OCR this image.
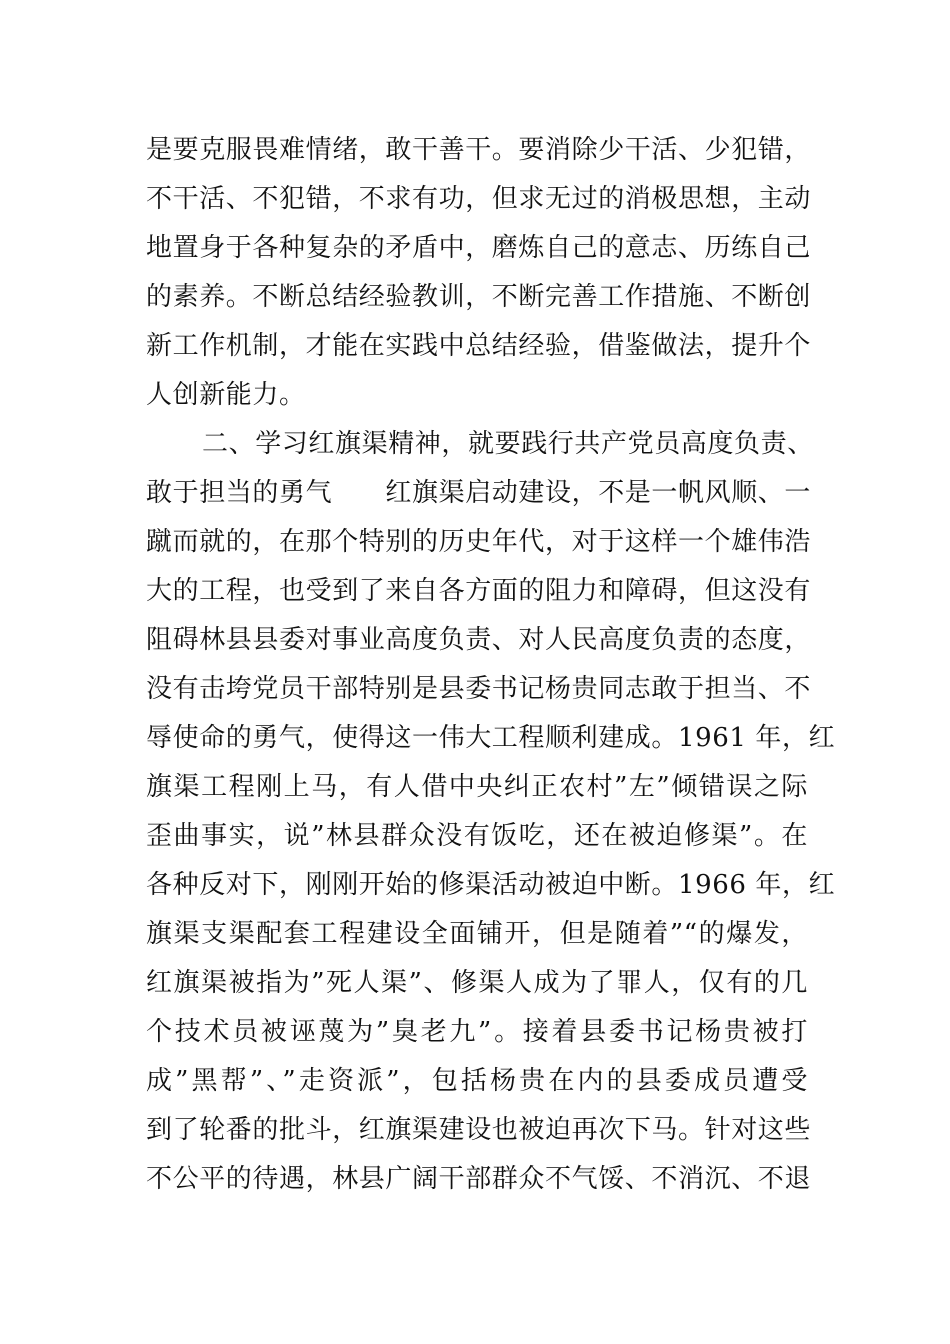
是要克服畏难情绪，敢干善干。要消除少干活、少犯错，
不干活、不犯错，不求有功，但求无过的消极思想，主动
地置身于各种复杂的矛盾中，磨炼自己的意志、历练自己
的素养。不断总结经验教训，不断完善工作措施、不断创
新工作机制，才能在实践中总结经验，借鉴做法，提升个
人创新能力。
二、学习红旗渠精神，就要践行共产党员高度负责、
敢于担当的勇气　　红旗渠启动建设，不是一帆风顺、一
蹴而就的，在那个特别的历史年代，对于这样一个雄伟浩
大的工程，也受到了来自各方面的阻力和障碍，但这没有
阻碍林县县委对事业高度负责、对人民高度负责的态度，
没有击垮党员干部特别是县委书记杨贵同志敢于担当、不
辱使命的勇气，使得这一伟大工程顺利建成。1961 年，红
旗渠工程刚上马，有人借中央纠正农村”左”倾错误之际
歪曲事实，说”林县群众没有饭吃，还在被迫修渠”。在
各种反对下，刚刚开始的修渠活动被迫中断。1966 年，红
旗渠支渠配套工程建设全面铺开，但是随着”“的爆发，
红旗渠被指为”死人渠”、修渠人成为了罪人，仅有的几
个技术员被诬蔑为”臭老九”。接着县委书记杨贵被打
成”黑帮”、”走资派”，包括杨贵在内的县委成员遭受
到了轮番的批斗，红旗渠建设也被迫再次下马。针对这些
不公平的待遇，林县广阔干部群众不气馁、不消沉、不退
